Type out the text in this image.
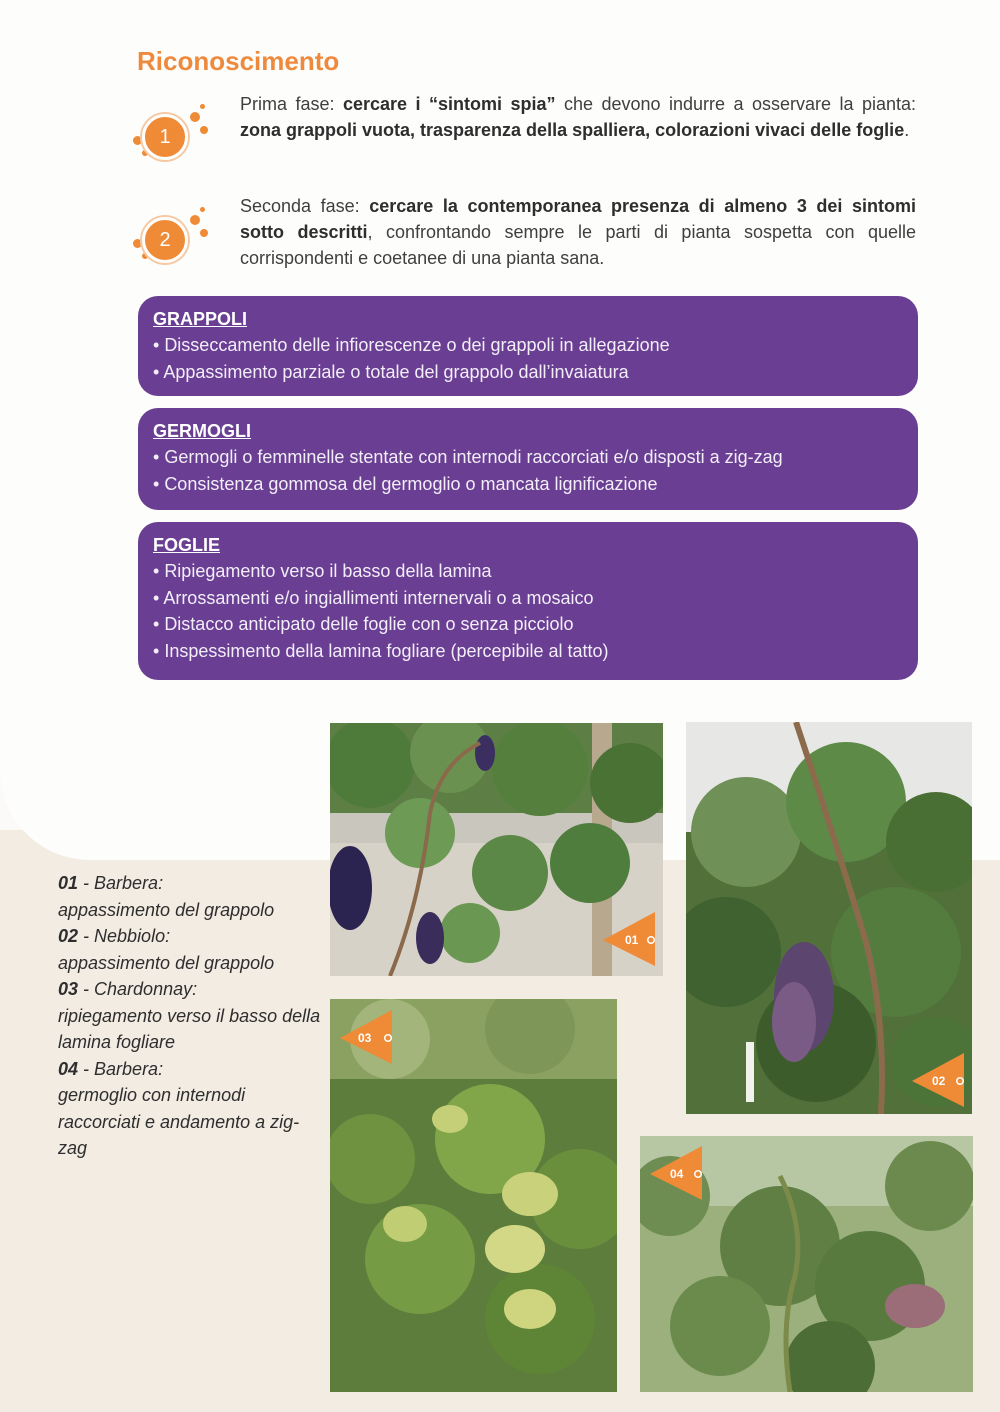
Riconoscimento
1

Prima fase: cercare i “sintomi spia” che devono indurre a osservare la pianta: zona grappoli vuota, trasparenza della spalliera, colorazioni vivaci delle foglie.

2

Seconda fase: cercare la contemporanea presenza di almeno 3 dei sintomi sotto descritti, confrontando sempre le parti di pianta sospetta con quelle corrispondenti e coetanee di una pianta sana.

GRAPPOLI
• Disseccamento delle infiorescenze o dei grappoli in allegazione
• Appassimento parziale o totale del grappolo dall’invaiatura
GERMOGLI
• Germogli o femminelle stentate con internodi raccorciati e/o disposti a zig-zag
• Consistenza gommosa del germoglio o mancata lignificazione
FOGLIE
• Ripiegamento verso il basso della lamina
• Arrossamenti e/o ingiallimenti internervali o a mosaico
• Distacco anticipato delle foglie con o senza picciolo
• Inspessimento della lamina fogliare (percepibile al tatto)
01
02
03
04
01 - Barbera:
appassimento del grappolo
02 - Nebbiolo:
appassimento del grappolo
03 - Chardonnay:
ripiegamento verso il basso della lamina fogliare
04 - Barbera:
germoglio con internodi raccorciati e andamento a zig-zag
